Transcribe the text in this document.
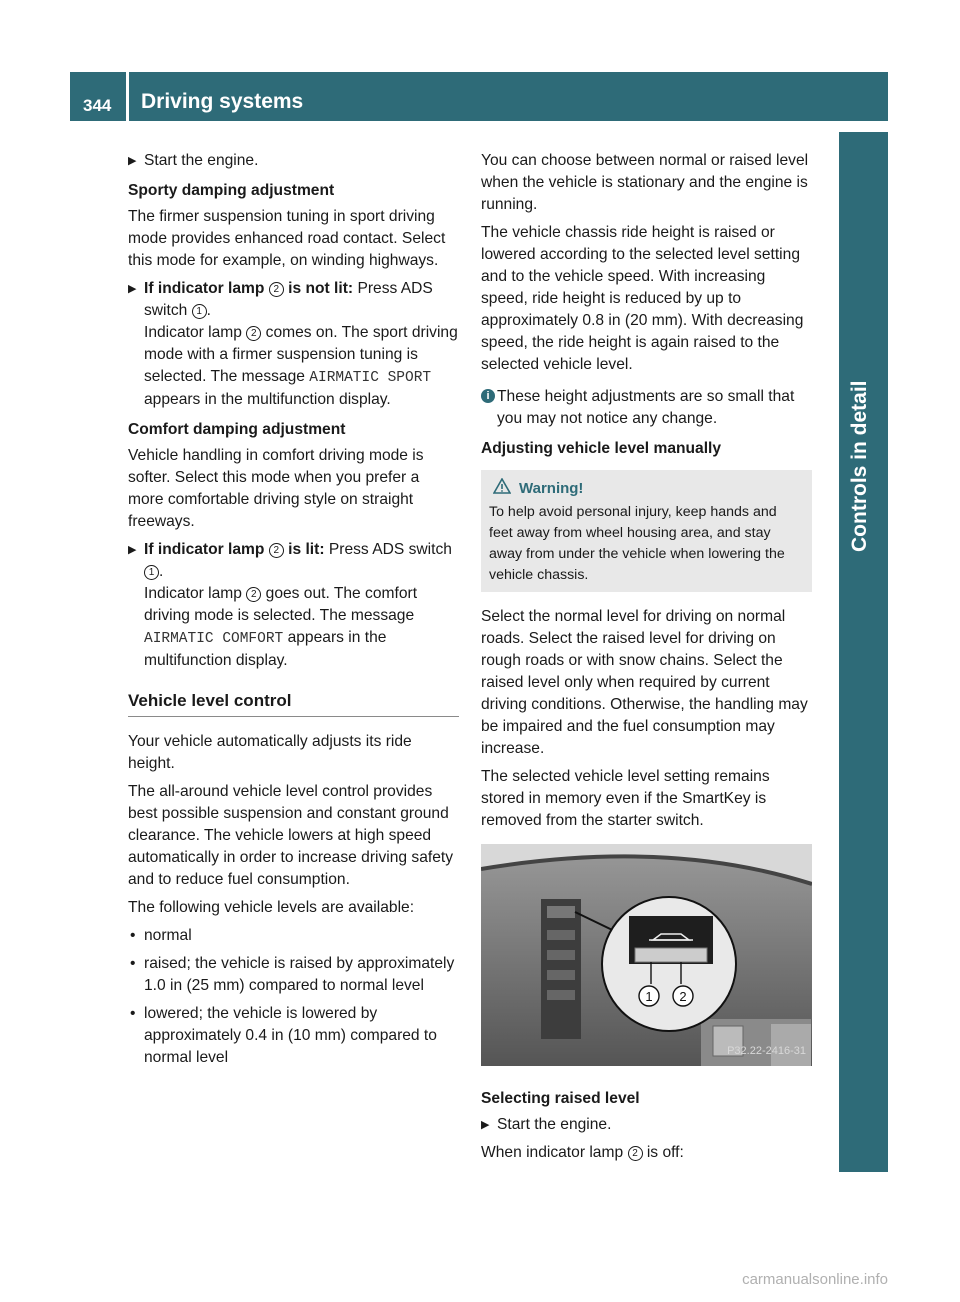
344 Driving systems
Controls in detail
▶ Start the engine.
Sporty damping adjustment

The firmer suspension tuning in sport driving mode provides enhanced road contact. Select this mode for example, on winding highways.

▶ If indicator lamp 2 is not lit: Press ADS switch 1 .
Indicator lamp 2 comes on. The sport driving mode with a firmer suspension tuning is selected. The message AIRMATIC SPORT appears in the multifunction display.
Comfort damping adjustment

Vehicle handling in comfort driving mode is softer. Select this mode when you prefer a more comfortable driving style on straight freeways.

▶ If indicator lamp 2 is lit: Press ADS switch
1 .
Indicator lamp 2 goes out. The comfort driving mode is selected. The message AIRMATIC COMFORT appears in the multifunction display.
Vehicle level control

Your vehicle automatically adjusts its ride height.

The all-around vehicle level control provides best possible suspension and constant ground clearance. The vehicle lowers at high speed automatically in order to increase driving safety and to reduce fuel consumption.

The following vehicle levels are available:

• normal
• raised; the vehicle is raised by approximately 1.0 in (25 mm) compared to normal level
• lowered; the vehicle is lowered by approximately 0.4 in (10 mm) compared to normal level

You can choose between normal or raised level when the vehicle is stationary and the engine is running.

The vehicle chassis ride height is raised or lowered according to the selected level setting and to the vehicle speed. With increasing speed, ride height is reduced by up to approximately 0.8 in (20 mm). With decreasing speed, the ride height is again raised to the selected vehicle level.

i These height adjustments are so small that you may not notice any change.
Adjusting vehicle level manually
Warning!
To help avoid personal injury, keep hands and feet away from wheel housing area, and stay away from under the vehicle when lowering the vehicle chassis.

Select the normal level for driving on normal roads. Select the raised level for driving on rough roads or with snow chains. Select the raised level only when required by current driving conditions. Otherwise, the handling may be impaired and the fuel consumption may increase.

The selected vehicle level setting remains stored in memory even if the SmartKey is removed from the starter switch.

1 2
P32.22-2416-31
Selecting raised level
▶ Start the engine.

When indicator lamp 2 is off:

carmanualsonline.info
